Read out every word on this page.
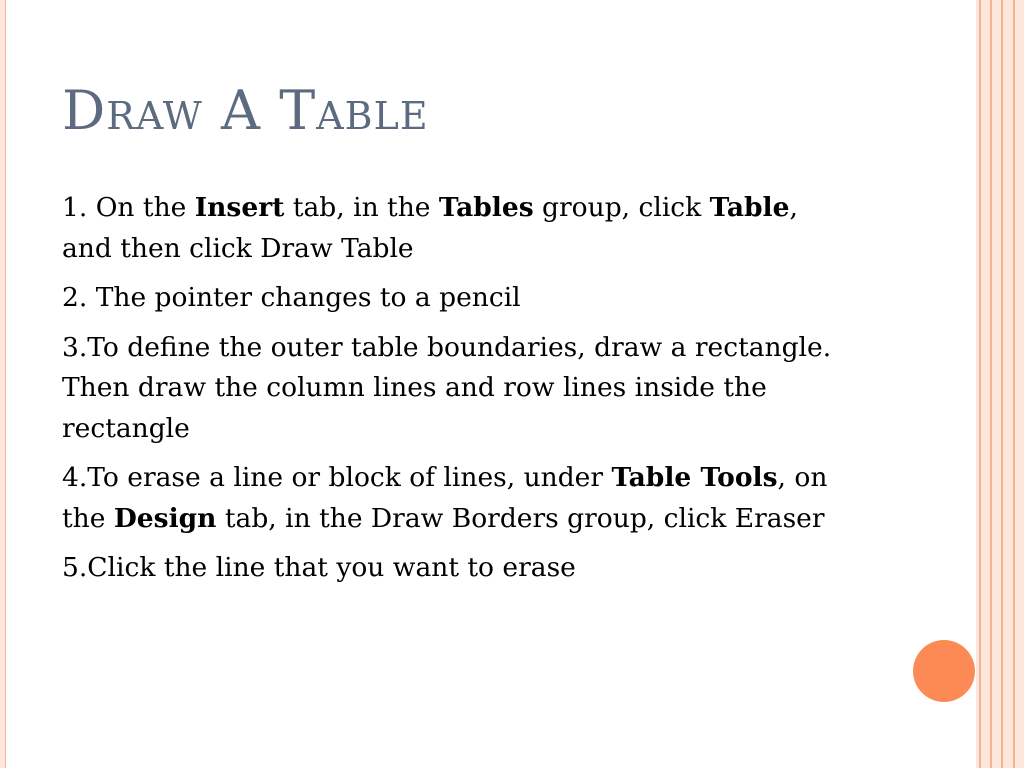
Draw A Table
1. On the Insert tab, in the Tables group, click Table, and then click Draw Table
2. The pointer changes to a pencil
3.To define the outer table boundaries, draw a rectangle. Then draw the column lines and row lines inside the rectangle
4.To erase a line or block of lines, under Table Tools, on the Design tab, in the Draw Borders group, click Eraser
5.Click the line that you want to erase
